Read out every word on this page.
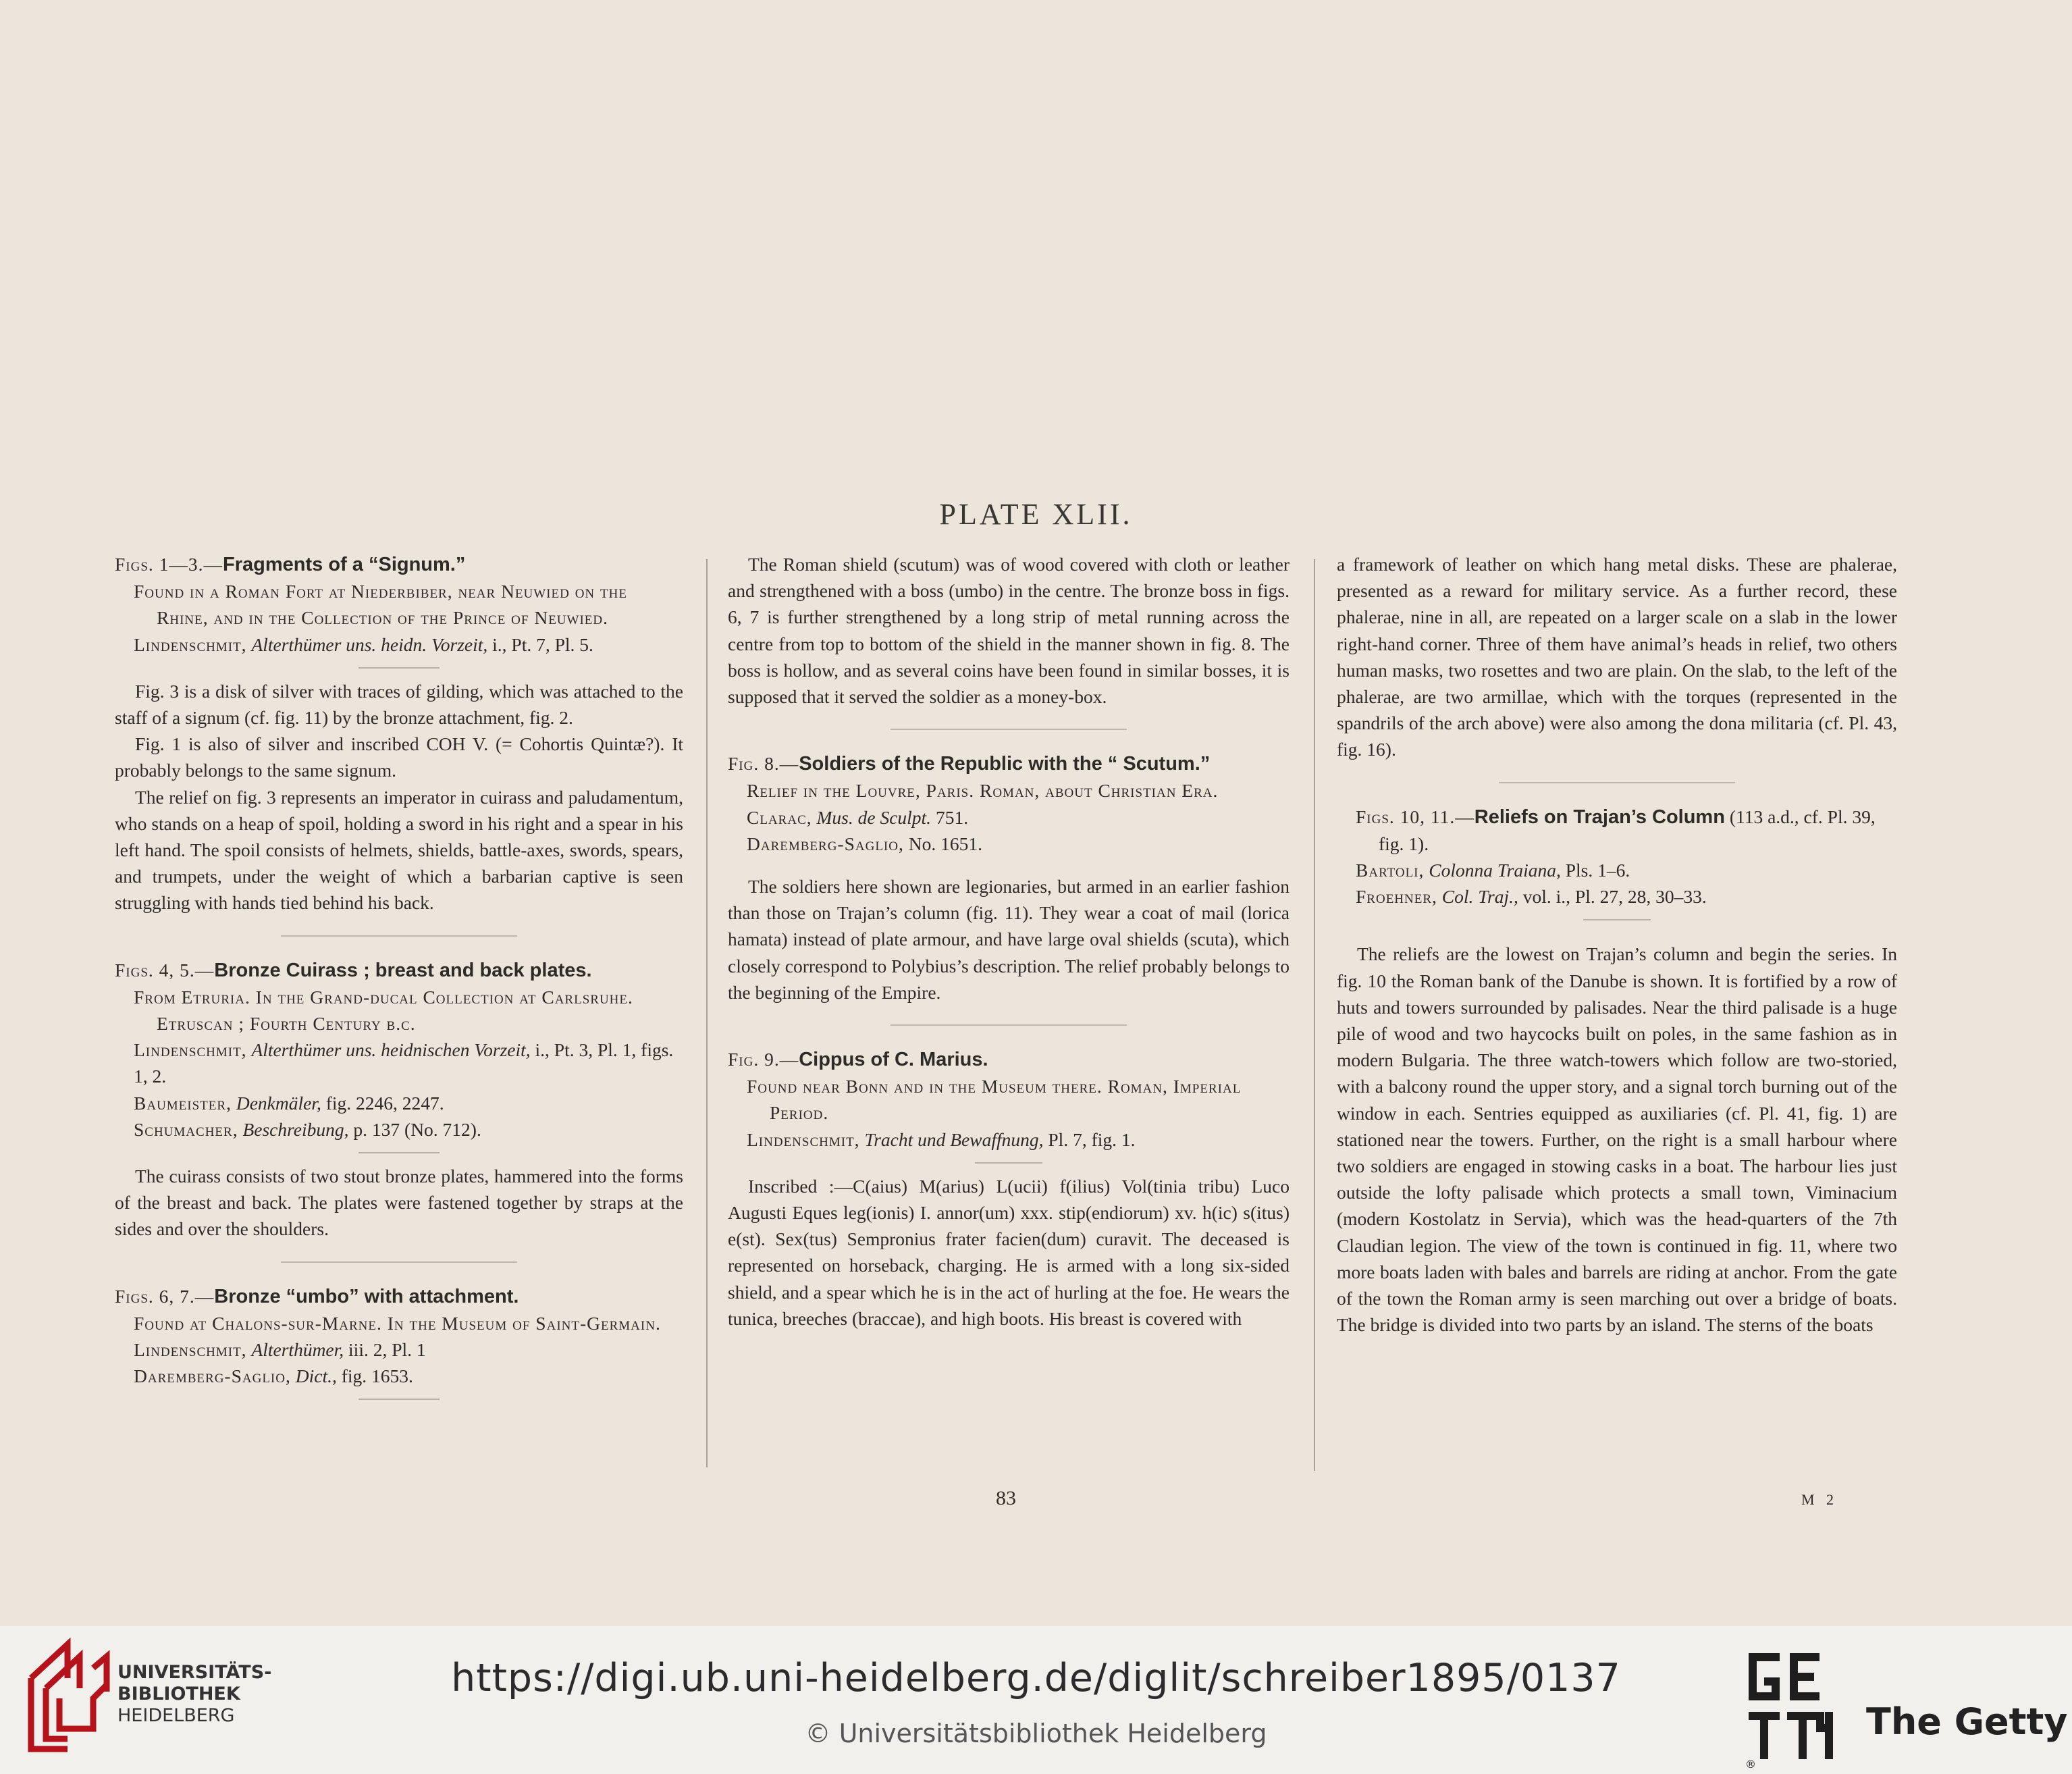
PLATE XLII.

Figs. 1—3.—Fragments of a “Signum.”

Found in a Roman Fort at Niederbiber, near Neuwied on the Rhine, and in the Collection of the Prince of Neuwied.

Lindenschmit, Alterthümer uns. heidn. Vorzeit, i., Pt. 7, Pl. 5.

Fig. 3 is a disk of silver with traces of gilding, which was attached to the staff of a signum (cf. fig. 11) by the bronze attachment, fig. 2.

Fig. 1 is also of silver and inscribed COH V. (= Cohortis Quintæ?). It probably belongs to the same signum.

The relief on fig. 3 represents an imperator in cuirass and paludamentum, who stands on a heap of spoil, holding a sword in his right and a spear in his left hand. The spoil consists of helmets, shields, battle-axes, swords, spears, and trumpets, under the weight of which a barbarian captive is seen struggling with hands tied behind his back.

Figs. 4, 5.—Bronze Cuirass ; breast and back plates.

From Etruria. In the Grand-ducal Collection at Carlsruhe. Etruscan ; Fourth Century b.c.

Lindenschmit, Alterthümer uns. heidnischen Vorzeit, i., Pt. 3, Pl. 1, figs. 1, 2.

Baumeister, Denkmäler, fig. 2246, 2247.

Schumacher, Beschreibung, p. 137 (No. 712).

The cuirass consists of two stout bronze plates, hammered into the forms of the breast and back. The plates were fastened together by straps at the sides and over the shoulders.

Figs. 6, 7.—Bronze “umbo” with attachment.

Found at Chalons-sur-Marne. In the Museum of Saint-Germain.

Lindenschmit, Alterthümer, iii. 2, Pl. 1

Daremberg-Saglio, Dict., fig. 1653.

The Roman shield (scutum) was of wood covered with cloth or leather and strengthened with a boss (umbo) in the centre. The bronze boss in figs. 6, 7 is further strengthened by a long strip of metal running across the centre from top to bottom of the shield in the manner shown in fig. 8. The boss is hollow, and as several coins have been found in similar bosses, it is supposed that it served the soldier as a money-box.

Fig. 8.—Soldiers of the Republic with the “ Scutum.”

Relief in the Louvre, Paris. Roman, about Christian Era.

Clarac, Mus. de Sculpt. 751.

Daremberg-Saglio, No. 1651.

The soldiers here shown are legionaries, but armed in an earlier fashion than those on Trajan’s column (fig. 11). They wear a coat of mail (lorica hamata) instead of plate armour, and have large oval shields (scuta), which closely correspond to Polybius’s description. The relief probably belongs to the beginning of the Empire.

Fig. 9.—Cippus of C. Marius.

Found near Bonn and in the Museum there. Roman, Imperial Period.

Lindenschmit, Tracht und Bewaffnung, Pl. 7, fig. 1.

Inscribed :—C(aius) M(arius) L(ucii) f(ilius) Vol(tinia tribu) Luco Augusti Eques leg(ionis) I. annor(um) xxx. stip(endiorum) xv. h(ic) s(itus) e(st). Sex(tus) Sempronius frater facien(dum) curavit. The deceased is represented on horseback, charging. He is armed with a long six-sided shield, and a spear which he is in the act of hurling at the foe. He wears the tunica, breeches (braccae), and high boots. His breast is covered with

a framework of leather on which hang metal disks. These are phalerae, presented as a reward for military service. As a further record, these phalerae, nine in all, are repeated on a larger scale on a slab in the lower right-hand corner. Three of them have animal’s heads in relief, two others human masks, two rosettes and two are plain. On the slab, to the left of the phalerae, are two armillae, which with the torques (represented in the spandrils of the arch above) were also among the dona militaria (cf. Pl. 43, fig. 16).

Figs. 10, 11.—Reliefs on Trajan’s Column (113 a.d., cf. Pl. 39, fig. 1).

Bartoli, Colonna Traiana, Pls. 1–6.

Froehner, Col. Traj., vol. i., Pl. 27, 28, 30–33.

The reliefs are the lowest on Trajan’s column and begin the series. In fig. 10 the Roman bank of the Danube is shown. It is fortified by a row of huts and towers surrounded by palisades. Near the third palisade is a huge pile of wood and two haycocks built on poles, in the same fashion as in modern Bulgaria. The three watch-towers which follow are two-storied, with a balcony round the upper story, and a signal torch burning out of the window in each. Sentries equipped as auxiliaries (cf. Pl. 41, fig. 1) are stationed near the towers. Further, on the right is a small harbour where two soldiers are engaged in stowing casks in a boat. The harbour lies just outside the lofty palisade which protects a small town, Viminacium (modern Kostolatz in Servia), which was the head-quarters of the 7th Claudian legion. The view of the town is continued in fig. 11, where two more boats laden with bales and barrels are riding at anchor. From the gate of the town the Roman army is seen marching out over a bridge of boats. The bridge is divided into two parts by an island. The sterns of the boats

83	M 2
UNIVERSITÄTS-
BIBLIOTHEK
HEIDELBERG
https://digi.ub.uni-heidelberg.de/diglit/schreiber1895/0137
© Universitätsbibliothek Heidelberg
®
The Getty
